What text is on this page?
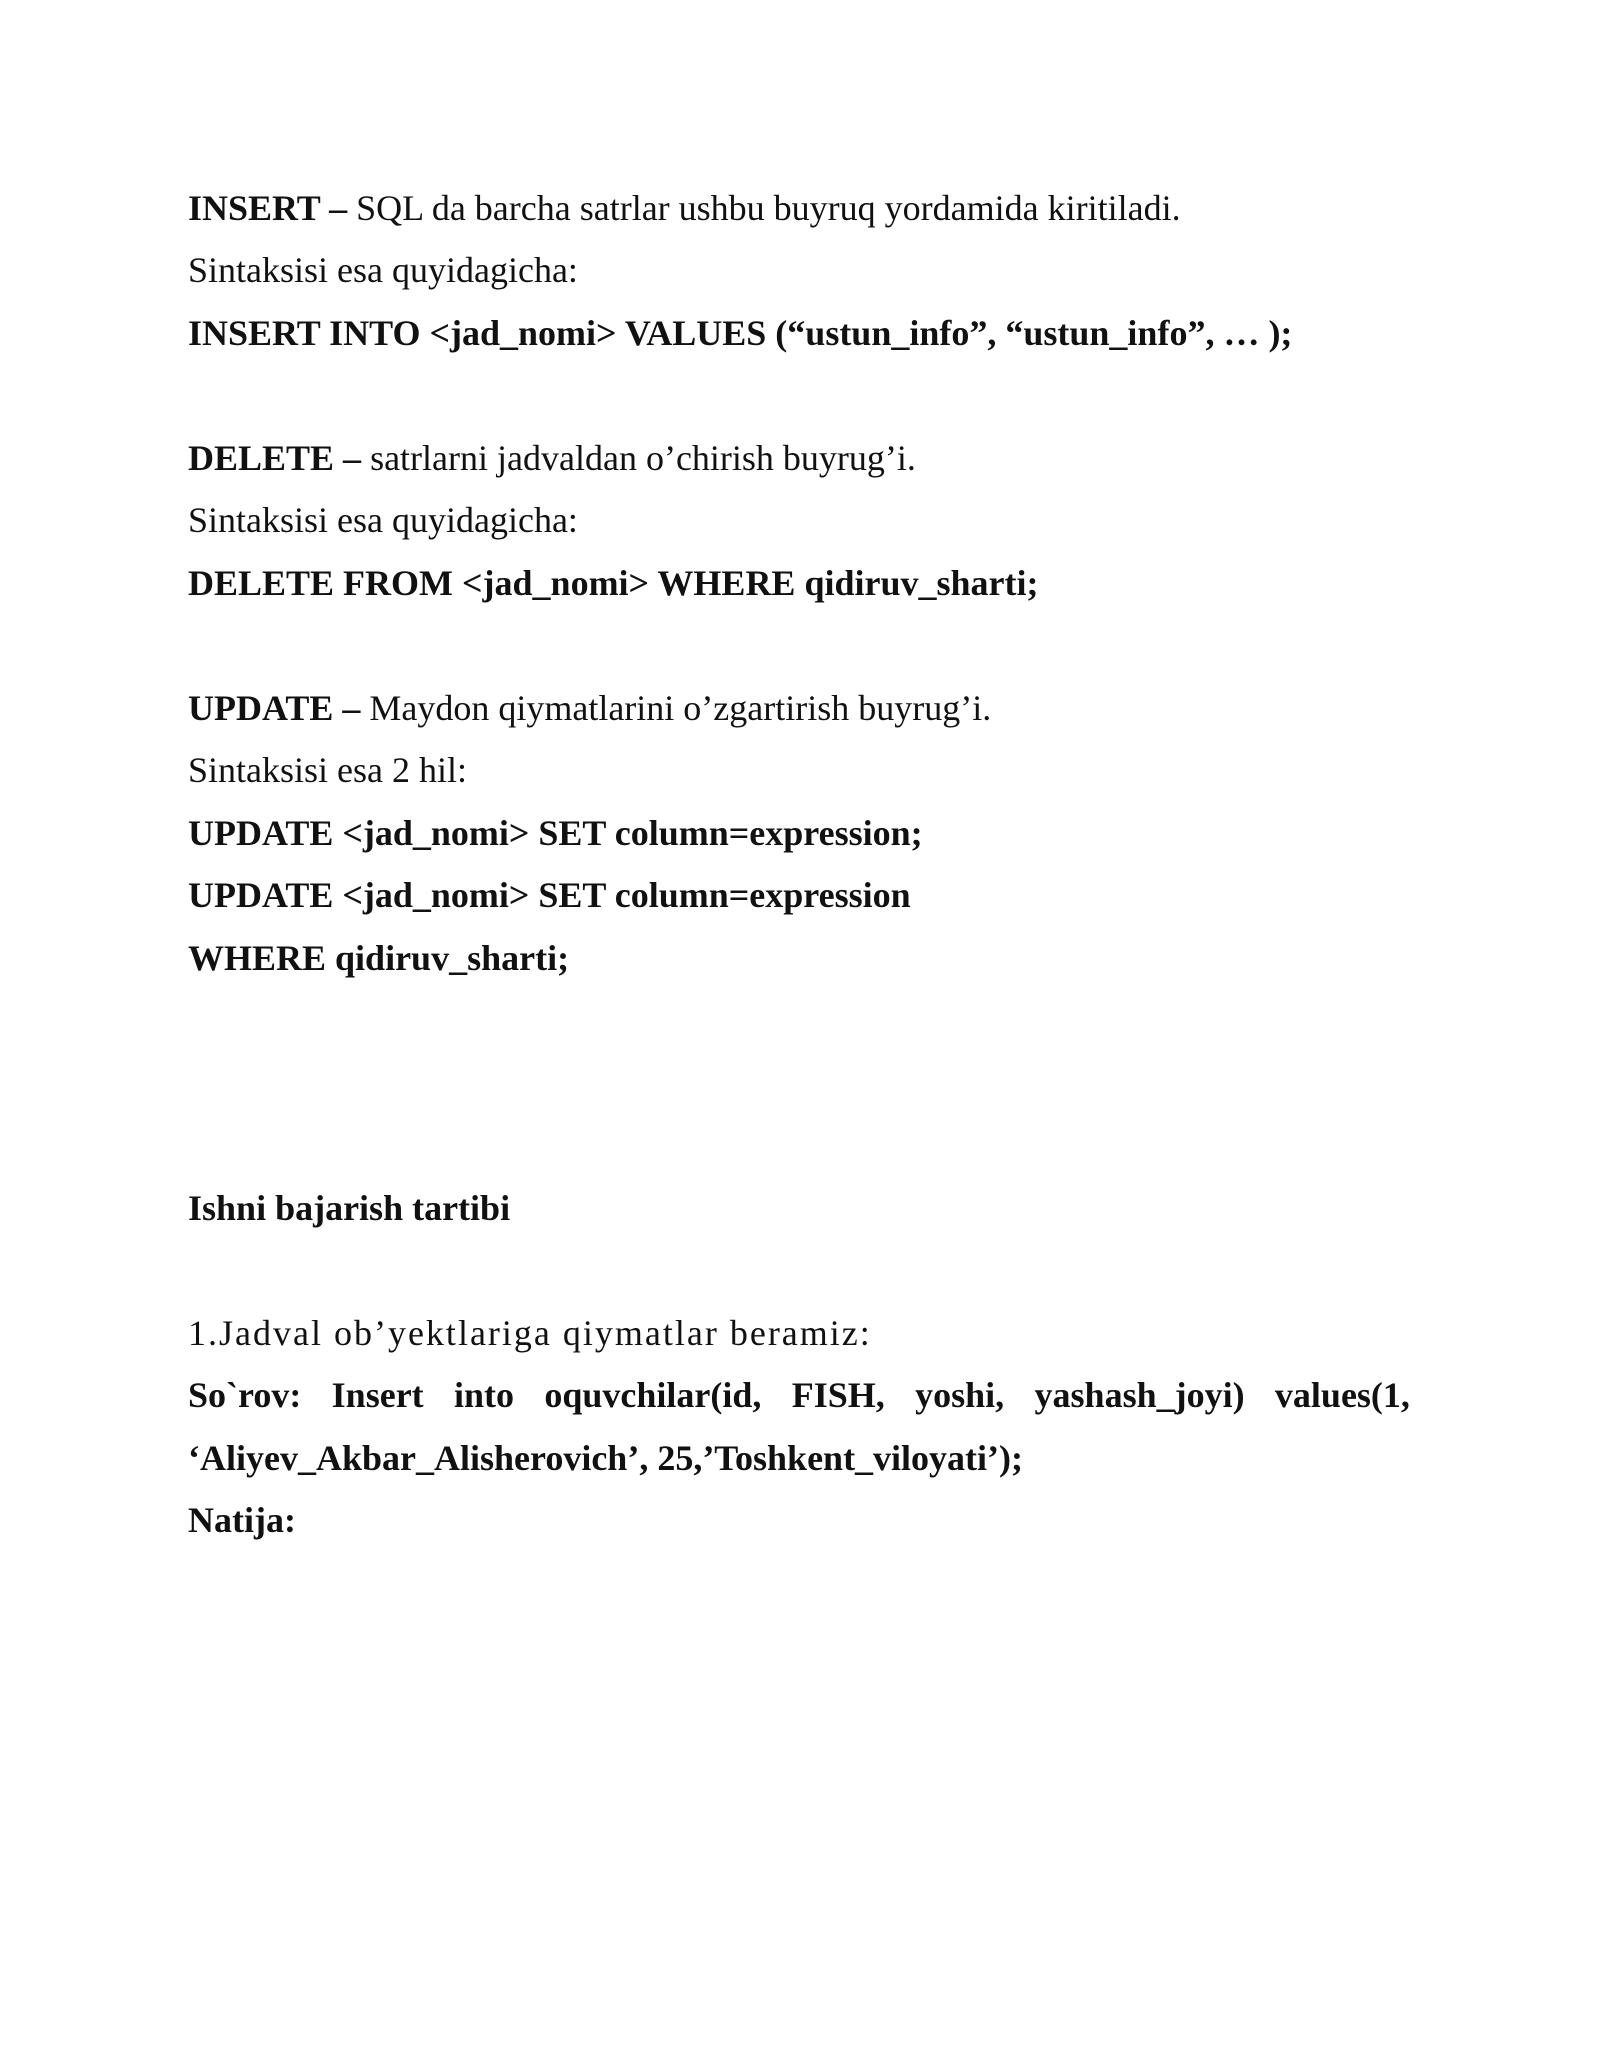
INSERT – SQL da barcha satrlar ushbu buyruq yordamida kiritiladi.
Sintaksisi esa quyidagicha:
INSERT INTO <jad_nomi> VALUES (“ustun_info”, “ustun_info”, … );
DELETE – satrlarni jadvaldan o’chirish buyrug’i.
Sintaksisi esa quyidagicha:
DELETE FROM <jad_nomi> WHERE qidiruv_sharti;
UPDATE – Maydon qiymatlarini o’zgartirish buyrug’i.
Sintaksisi esa 2 hil:
UPDATE <jad_nomi> SET column=expression;
UPDATE <jad_nomi> SET column=expression
WHERE qidiruv_sharti;
Ishni bajarish tartibi
1.Jadval ob’yektlariga qiymatlar beramiz:
So`rov: Insert into oquvchilar(id, FISH, yoshi, yashash_joyi) values(1,
‘Aliyev_Akbar_Alisherovich’, 25,’Toshkent_viloyati’);
Natija:
